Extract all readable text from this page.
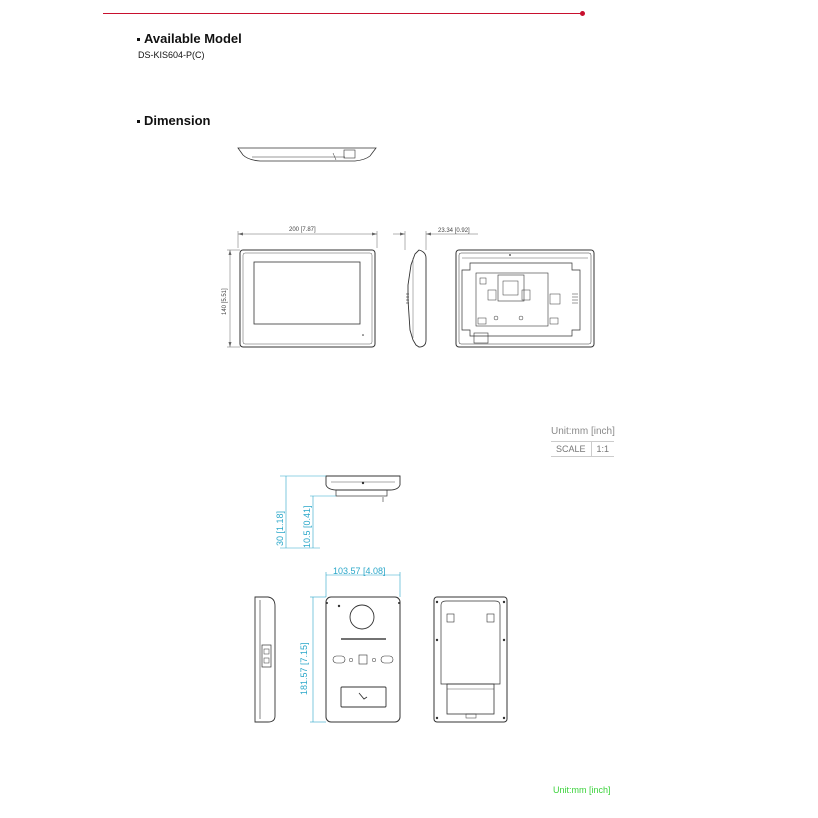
Available Model
DS-KIS604-P(C)
Dimension
200 [7.87]
140 [5.51]
23.34 [0.92]
30 [1.18] 10.5 [0.41]
103.57 [4.08]
181.57 [7.15]
Unit:mm [inch]
SCALE	1:1
Unit:mm [inch]
